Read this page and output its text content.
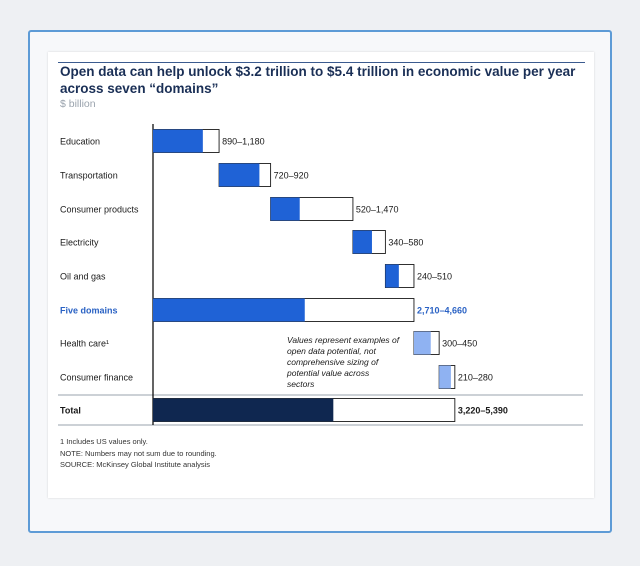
Open data can help unlock $3.2 trillion to $5.4 trillion in economic value per year across seven “domains”
$ billion
Education	890–1,180
Transportation	720–920
Consumer products	520–1,470
Electricity	340–580
Oil and gas	240–510
Five domains	2,710–4,660
Health care¹	300–450
Consumer finance	210–280
Total	3,220–5,390
Values represent examples of open data potential, not comprehensive sizing of potential value across sectors
1 Includes US values only.
NOTE: Numbers may not sum due to rounding.
SOURCE: McKinsey Global Institute analysis
